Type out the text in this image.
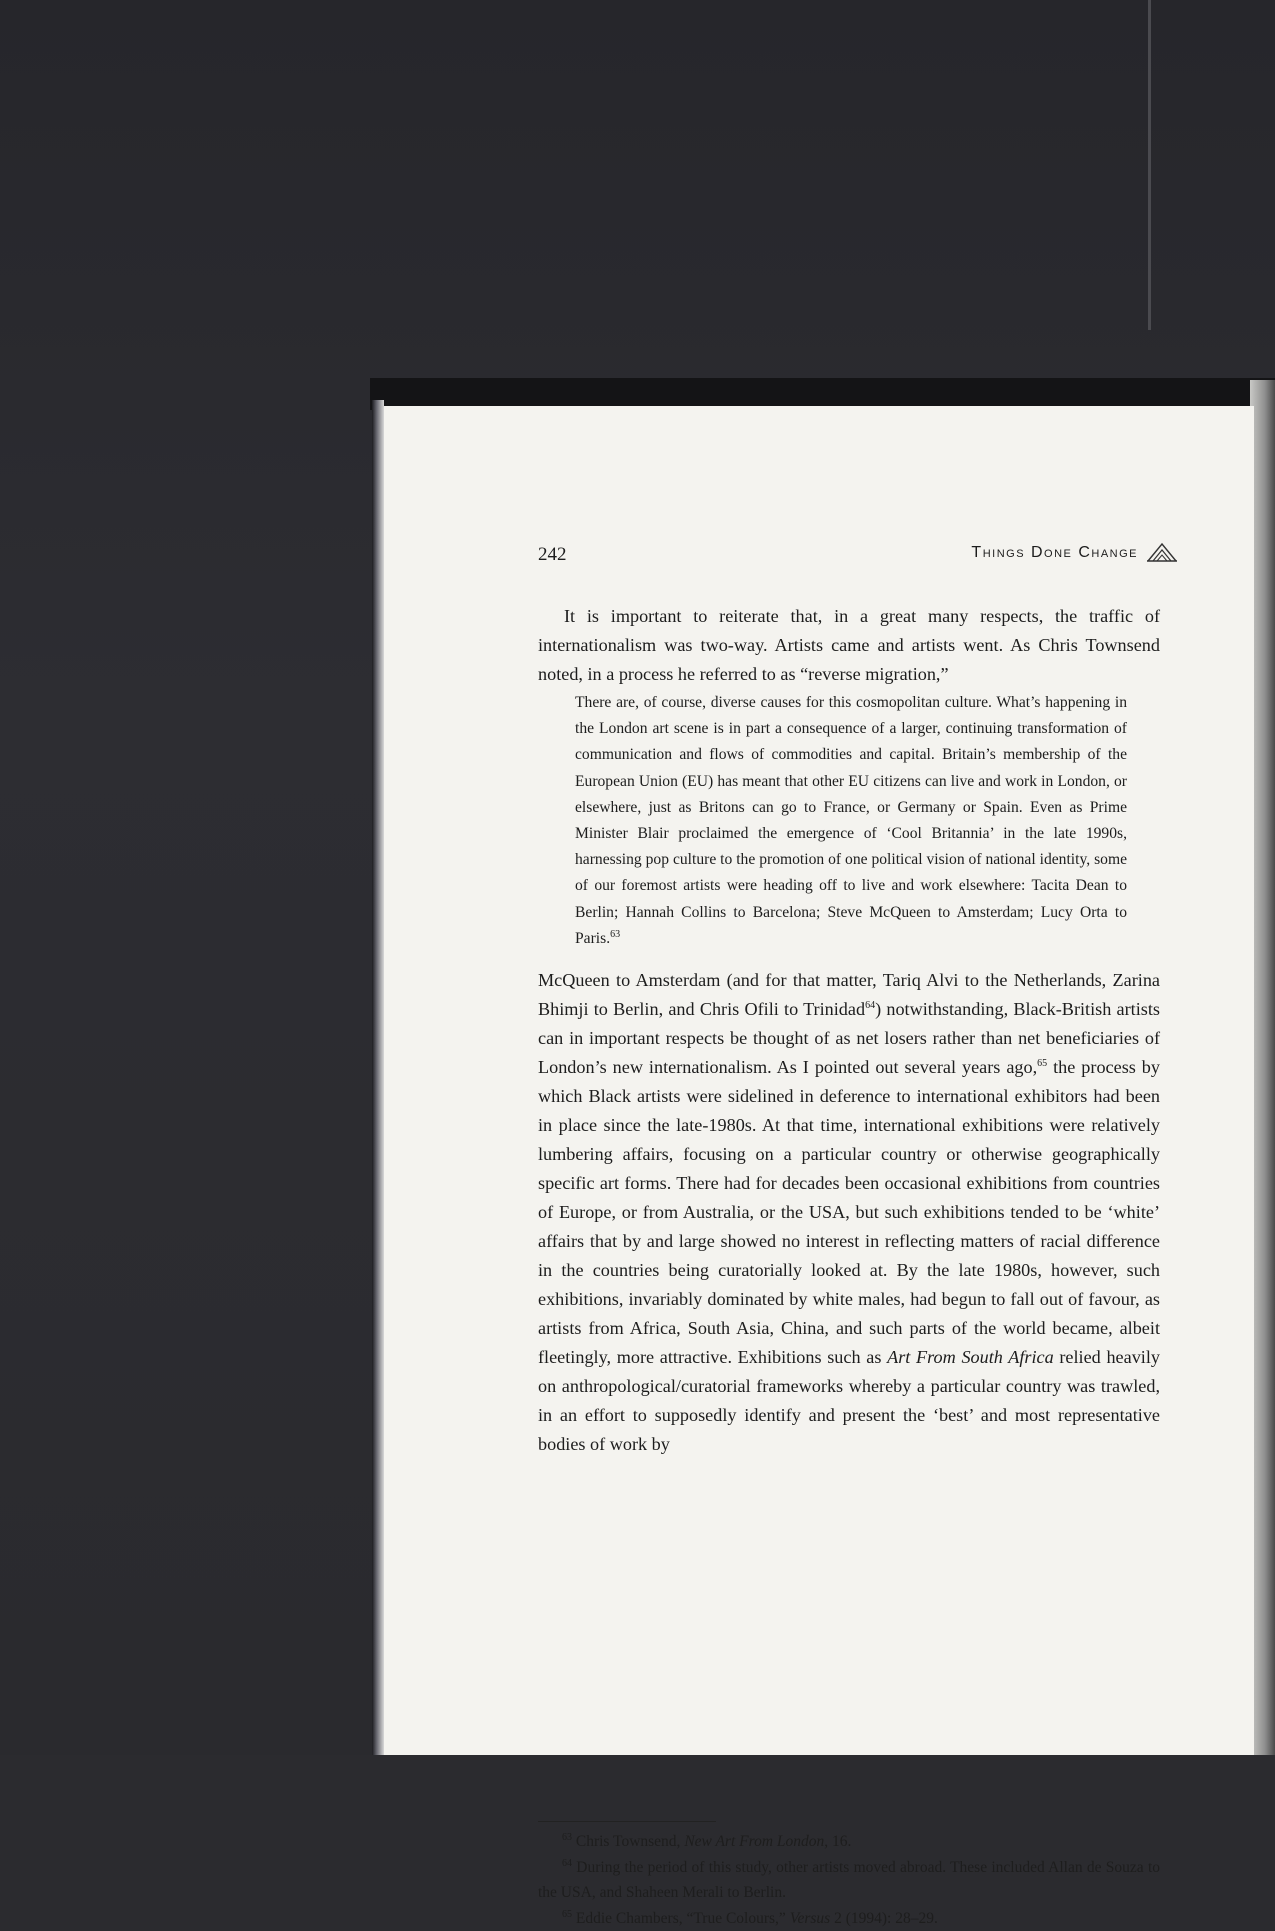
242	Things Done Change

It is important to reiterate that, in a great many respects, the traffic of internationalism was two-way. Artists came and artists went. As Chris Townsend noted, in a process he referred to as “reverse migration,”

There are, of course, diverse causes for this cosmopolitan culture. What’s happening in the London art scene is in part a consequence of a larger, continuing transformation of communication and flows of commodities and capital. Britain’s membership of the European Union (EU) has meant that other EU citizens can live and work in London, or elsewhere, just as Britons can go to France, or Germany or Spain. Even as Prime Minister Blair proclaimed the emergence of ‘Cool Britannia’ in the late 1990s, harnessing pop culture to the promotion of one political vision of national identity, some of our foremost artists were heading off to live and work elsewhere: Tacita Dean to Berlin; Hannah Collins to Barcelona; Steve McQueen to Amsterdam; Lucy Orta to Paris.$^{63}$

McQueen to Amsterdam (and for that matter, Tariq Alvi to the Netherlands, Zarina Bhimji to Berlin, and Chris Ofili to Trinidad$^{64}$) notwithstanding, Black-British artists can in important respects be thought of as net losers rather than net beneficiaries of London’s new internationalism. As I pointed out several years ago,$^{65}$ the process by which Black artists were sidelined in deference to international exhibitors had been in place since the late-1980s. At that time, international exhibitions were relatively lumbering affairs, focusing on a particular country or otherwise geographically specific art forms. There had for decades been occasional exhibitions from countries of Europe, or from Australia, or the USA, but such exhibitions tended to be ‘white’ affairs that by and large showed no interest in reflecting matters of racial difference in the countries being curatorially looked at. By the late 1980s, however, such exhibitions, invariably dominated by white males, had begun to fall out of favour, as artists from Africa, South Asia, China, and such parts of the world became, albeit fleetingly, more attractive. Exhibitions such as Art From South Africa relied heavily on anthropological/curatorial frameworks whereby a particular country was trawled, in an effort to supposedly identify and present the ‘best’ and most representative bodies of work by

$^{63}$ Chris Townsend, New Art From London, 16.

$^{64}$ During the period of this study, other artists moved abroad. These included Allan de Souza to the USA, and Shaheen Merali to Berlin.

$^{65}$ Eddie Chambers, “True Colours,” Versus 2 (1994): 28–29.
